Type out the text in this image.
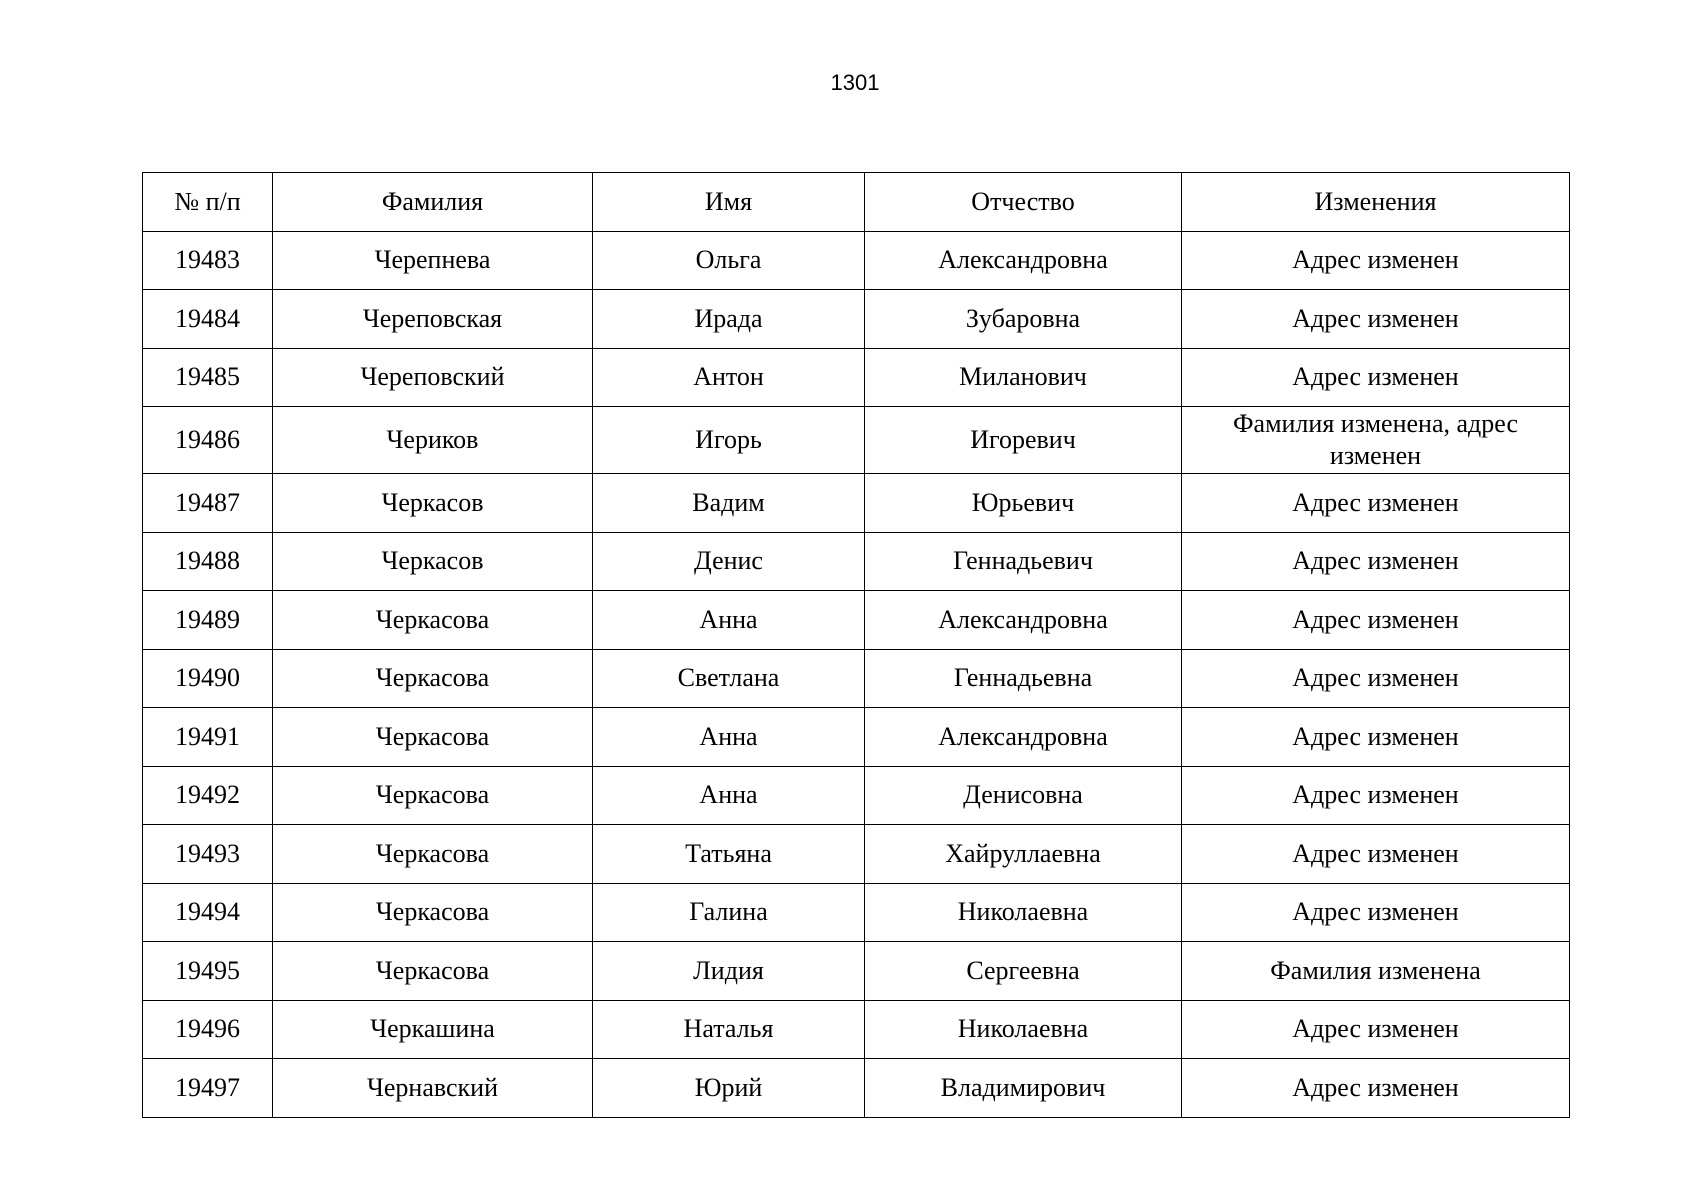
1301
№ п/п	Фамилия	Имя	Отчество	Изменения
19483	Черепнева	Ольга	Александровна	Адрес изменен
19484	Череповская	Ирада	Зубаровна	Адрес изменен
19485	Череповский	Антон	Миланович	Адрес изменен
19486	Чериков	Игорь	Игоревич	Фамилия изменена, адрес изменен
19487	Черкасов	Вадим	Юрьевич	Адрес изменен
19488	Черкасов	Денис	Геннадьевич	Адрес изменен
19489	Черкасова	Анна	Александровна	Адрес изменен
19490	Черкасова	Светлана	Геннадьевна	Адрес изменен
19491	Черкасова	Анна	Александровна	Адрес изменен
19492	Черкасова	Анна	Денисовна	Адрес изменен
19493	Черкасова	Татьяна	Хайруллаевна	Адрес изменен
19494	Черкасова	Галина	Николаевна	Адрес изменен
19495	Черкасова	Лидия	Сергеевна	Фамилия изменена
19496	Черкашина	Наталья	Николаевна	Адрес изменен
19497	Чернавский	Юрий	Владимирович	Адрес изменен
